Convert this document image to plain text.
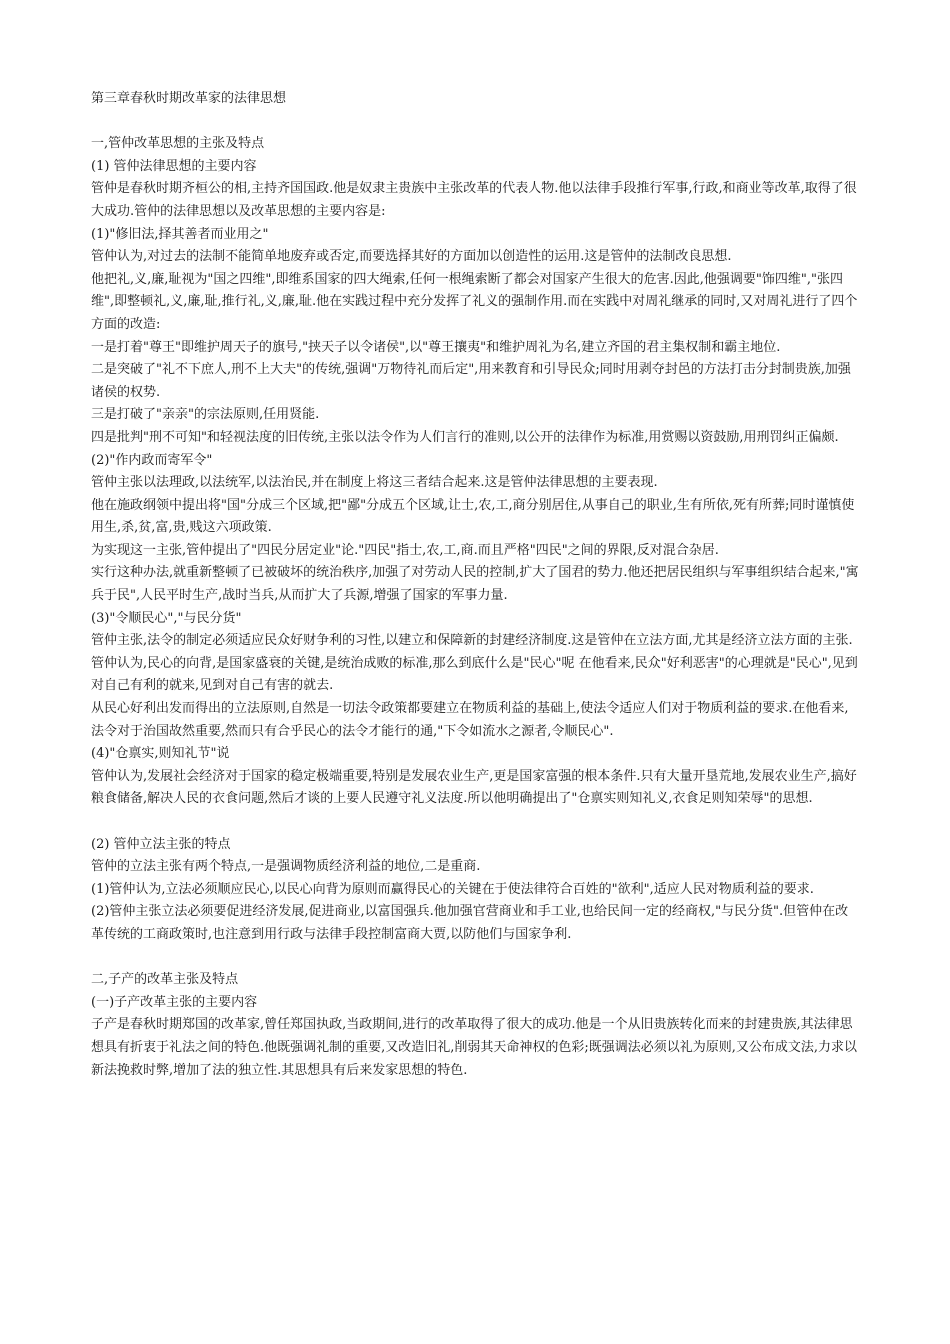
第三章春秋时期改革家的法律思想

一,管仲改革思想的主张及特点

(1) 管仲法律思想的主要内容

管仲是春秋时期齐桓公的相,主持齐国国政.他是奴隶主贵族中主张改革的代表人物.他以法律手段推行军事,行政,和商业等改革,取得了很大成功.管仲的法律思想以及改革思想的主要内容是:

(1)"修旧法,择其善者而业用之"

管仲认为,对过去的法制不能简单地废弃或否定,而要选择其好的方面加以创造性的运用.这是管仲的法制改良思想.

他把礼,义,廉,耻视为"国之四维",即维系国家的四大绳索,任何一根绳索断了都会对国家产生很大的危害.因此,他强调要"饰四维","张四维",即整顿礼,义,廉,耻,推行礼,义,廉,耻.他在实践过程中充分发挥了礼义的强制作用.而在实践中对周礼继承的同时,又对周礼进行了四个方面的改造:

一是打着"尊王"即维护周天子的旗号,"挟天子以令诸侯",以"尊王攘夷"和维护周礼为名,建立齐国的君主集权制和霸主地位.

二是突破了"礼不下庶人,刑不上大夫"的传统,强调"万物待礼而后定",用来教育和引导民众;同时用剥夺封邑的方法打击分封制贵族,加强诸侯的权势.

三是打破了"亲亲"的宗法原则,任用贤能.

四是批判"刑不可知"和轻视法度的旧传统,主张以法令作为人们言行的准则,以公开的法律作为标准,用赏赐以资鼓励,用刑罚纠正偏颇.

(2)"作内政而寄军令"

管仲主张以法理政,以法统军,以法治民,并在制度上将这三者结合起来.这是管仲法律思想的主要表现.

他在施政纲领中提出将"国"分成三个区域,把"鄙"分成五个区域,让士,农,工,商分别居住,从事自己的职业,生有所依,死有所葬;同时谨慎使用生,杀,贫,富,贵,贱这六项政策.

为实现这一主张,管仲提出了"四民分居定业"论."四民"指士,农,工,商.而且严格"四民"之间的界限,反对混合杂居.

实行这种办法,就重新整顿了已被破坏的统治秩序,加强了对劳动人民的控制,扩大了国君的势力.他还把居民组织与军事组织结合起来,"寓兵于民",人民平时生产,战时当兵,从而扩大了兵源,增强了国家的军事力量.

(3)"令顺民心","与民分货"

管仲主张,法令的制定必须适应民众好财争利的习性,以建立和保障新的封建经济制度.这是管仲在立法方面,尤其是经济立法方面的主张.管仲认为,民心的向背,是国家盛衰的关键,是统治成败的标准,那么到底什么是"民心"呢 在他看来,民众"好利恶害"的心理就是"民心",见到对自己有利的就来,见到对自己有害的就去.

从民心好利出发而得出的立法原则,自然是一切法令政策都要建立在物质利益的基础上,使法令适应人们对于物质利益的要求.在他看来,法令对于治国故然重要,然而只有合乎民心的法令才能行的通,"下令如流水之源者,令顺民心".

(4)"仓禀实,则知礼节"说

管仲认为,发展社会经济对于国家的稳定极端重要,特别是发展农业生产,更是国家富强的根本条件.只有大量开垦荒地,发展农业生产,搞好粮食储备,解决人民的衣食问题,然后才谈的上要人民遵守礼义法度.所以他明确提出了"仓禀实则知礼义,衣食足则知荣辱"的思想.

(2) 管仲立法主张的特点

管仲的立法主张有两个特点,一是强调物质经济利益的地位,二是重商.

(1)管仲认为,立法必须顺应民心,以民心向背为原则而赢得民心的关键在于使法律符合百姓的"欲利",适应人民对物质利益的要求.

(2)管仲主张立法必须要促进经济发展,促进商业,以富国强兵.他加强官营商业和手工业,也给民间一定的经商权,"与民分货".但管仲在改革传统的工商政策时,也注意到用行政与法律手段控制富商大贾,以防他们与国家争利.

二,子产的改革主张及特点

(一)子产改革主张的主要内容

子产是春秋时期郑国的改革家,曾任郑国执政,当政期间,进行的改革取得了很大的成功.他是一个从旧贵族转化而来的封建贵族,其法律思想具有折衷于礼法之间的特色.他既强调礼制的重要,又改造旧礼,削弱其天命神权的色彩;既强调法必须以礼为原则,又公布成文法,力求以新法挽救时弊,增加了法的独立性.其思想具有后来发家思想的特色.
